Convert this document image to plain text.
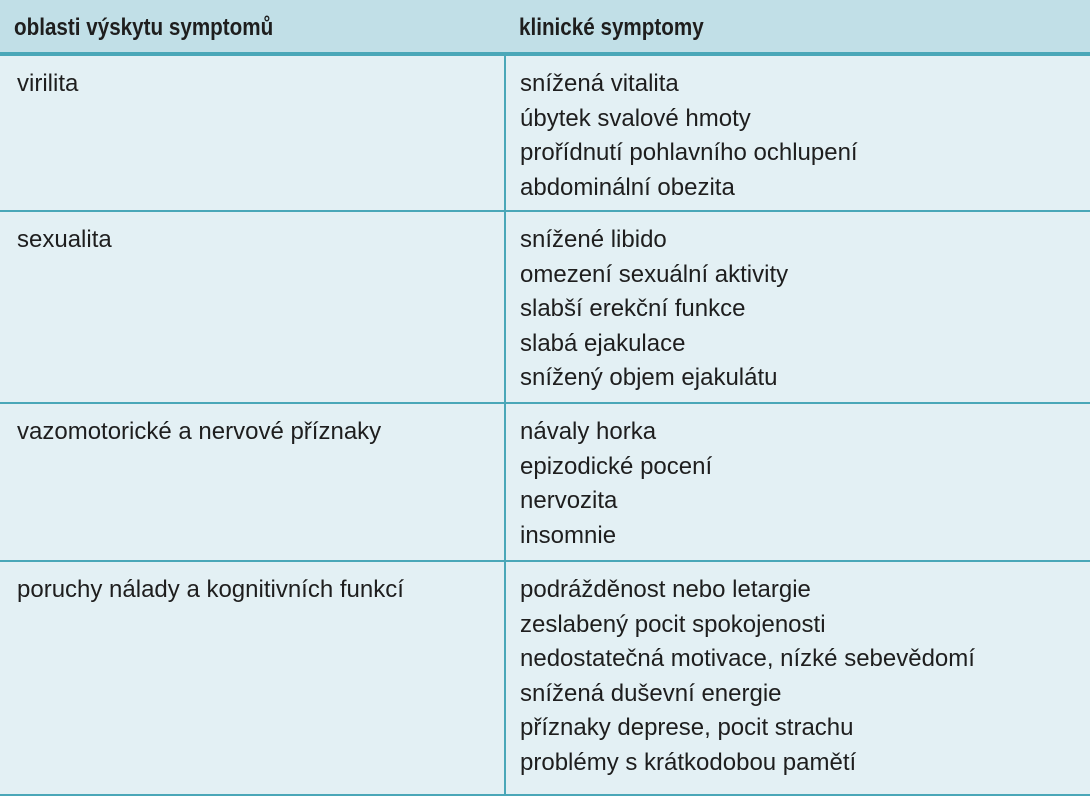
oblasti výskytu symptomů	klinické symptomy
virilita	snížená vitalita
úbytek svalové hmoty
prořídnutí pohlavního ochlupení
abdominální obezita
sexualita	snížené libido
omezení sexuální aktivity
slabší erekční funkce
slabá ejakulace
snížený objem ejakulátu
vazomotorické a nervové příznaky	návaly horka
epizodické pocení
nervozita
insomnie
poruchy nálady a kognitivních funkcí	podrážděnost nebo letargie
zeslabený pocit spokojenosti
nedostatečná motivace, nízké sebevědomí
snížená duševní energie
příznaky deprese, pocit strachu
problémy s krátkodobou pamětí
